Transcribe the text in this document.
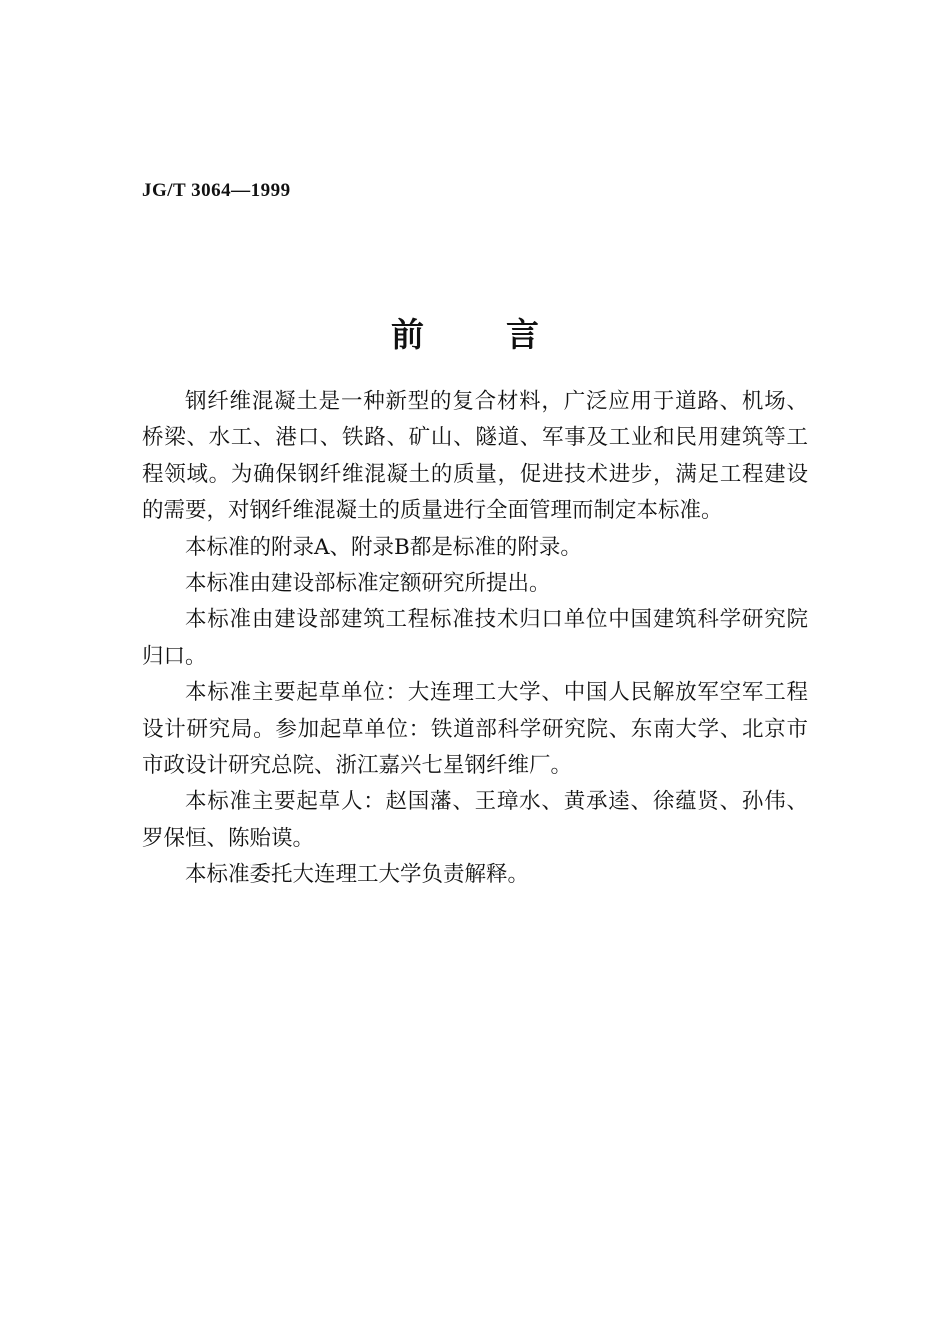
JG/T 3064—1999
前言

钢纤维混凝土是一种新型的复合材料，广泛应用于道路、机场、桥梁、水工、港口、铁路、矿山、隧道、军事及工业和民用建筑等工程领域。为确保钢纤维混凝土的质量，促进技术进步，满足工程建设的需要，对钢纤维混凝土的质量进行全面管理而制定本标准。

本标准的附录A、附录B都是标准的附录。

本标准由建设部标准定额研究所提出。

本标准由建设部建筑工程标准技术归口单位中国建筑科学研究院归口。

本标准主要起草单位：大连理工大学、中国人民解放军空军工程设计研究局。参加起草单位：铁道部科学研究院、东南大学、北京市市政设计研究总院、浙江嘉兴七星钢纤维厂。

本标准主要起草人：赵国藩、王璋水、黄承逵、徐蕴贤、孙伟、罗保恒、陈贻谟。

本标准委托大连理工大学负责解释。
